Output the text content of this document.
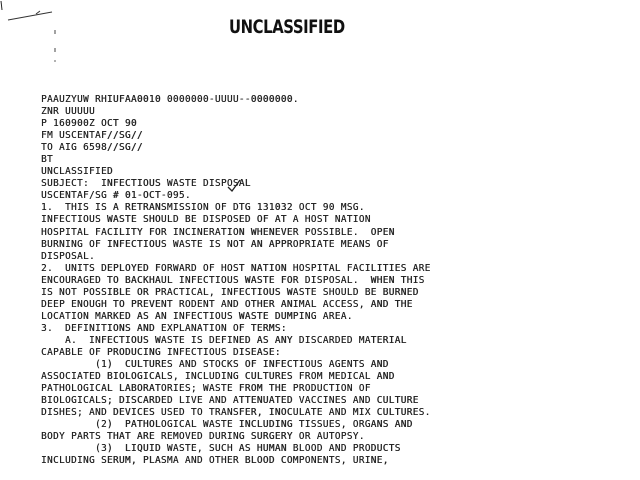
UNCLASSIFIED
PAAUZYUW RHIUFAA0010 0000000-UUUU--0000000.
ZNR UUUUU
P 160900Z OCT 90
FM USCENTAF//SG//
TO AIG 6598//SG//
BT
UNCLASSIFIED
SUBJECT:  INFECTIOUS WASTE DISPOSAL
USCENTAF/SG # 01-OCT-095.
1.  THIS IS A RETRANSMISSION OF DTG 131032 OCT 90 MSG.
INFECTIOUS WASTE SHOULD BE DISPOSED OF AT A HOST NATION
HOSPITAL FACILITY FOR INCINERATION WHENEVER POSSIBLE.  OPEN
BURNING OF INFECTIOUS WASTE IS NOT AN APPROPRIATE MEANS OF
DISPOSAL.
2.  UNITS DEPLOYED FORWARD OF HOST NATION HOSPITAL FACILITIES ARE
ENCOURAGED TO BACKHAUL INFECTIOUS WASTE FOR DISPOSAL.  WHEN THIS
IS NOT POSSIBLE OR PRACTICAL, INFECTIOUS WASTE SHOULD BE BURNED
DEEP ENOUGH TO PREVENT RODENT AND OTHER ANIMAL ACCESS, AND THE
LOCATION MARKED AS AN INFECTIOUS WASTE DUMPING AREA.
3.  DEFINITIONS AND EXPLANATION OF TERMS:
A.  INFECTIOUS WASTE IS DEFINED AS ANY DISCARDED MATERIAL
CAPABLE OF PRODUCING INFECTIOUS DISEASE:
(1)  CULTURES AND STOCKS OF INFECTIOUS AGENTS AND
ASSOCIATED BIOLOGICALS, INCLUDING CULTURES FROM MEDICAL AND
PATHOLOGICAL LABORATORIES; WASTE FROM THE PRODUCTION OF
BIOLOGICALS; DISCARDED LIVE AND ATTENUATED VACCINES AND CULTURE
DISHES; AND DEVICES USED TO TRANSFER, INOCULATE AND MIX CULTURES.
(2)  PATHOLOGICAL WASTE INCLUDING TISSUES, ORGANS AND
BODY PARTS THAT ARE REMOVED DURING SURGERY OR AUTOPSY.
(3)  LIQUID WASTE, SUCH AS HUMAN BLOOD AND PRODUCTS
INCLUDING SERUM, PLASMA AND OTHER BLOOD COMPONENTS, URINE,
